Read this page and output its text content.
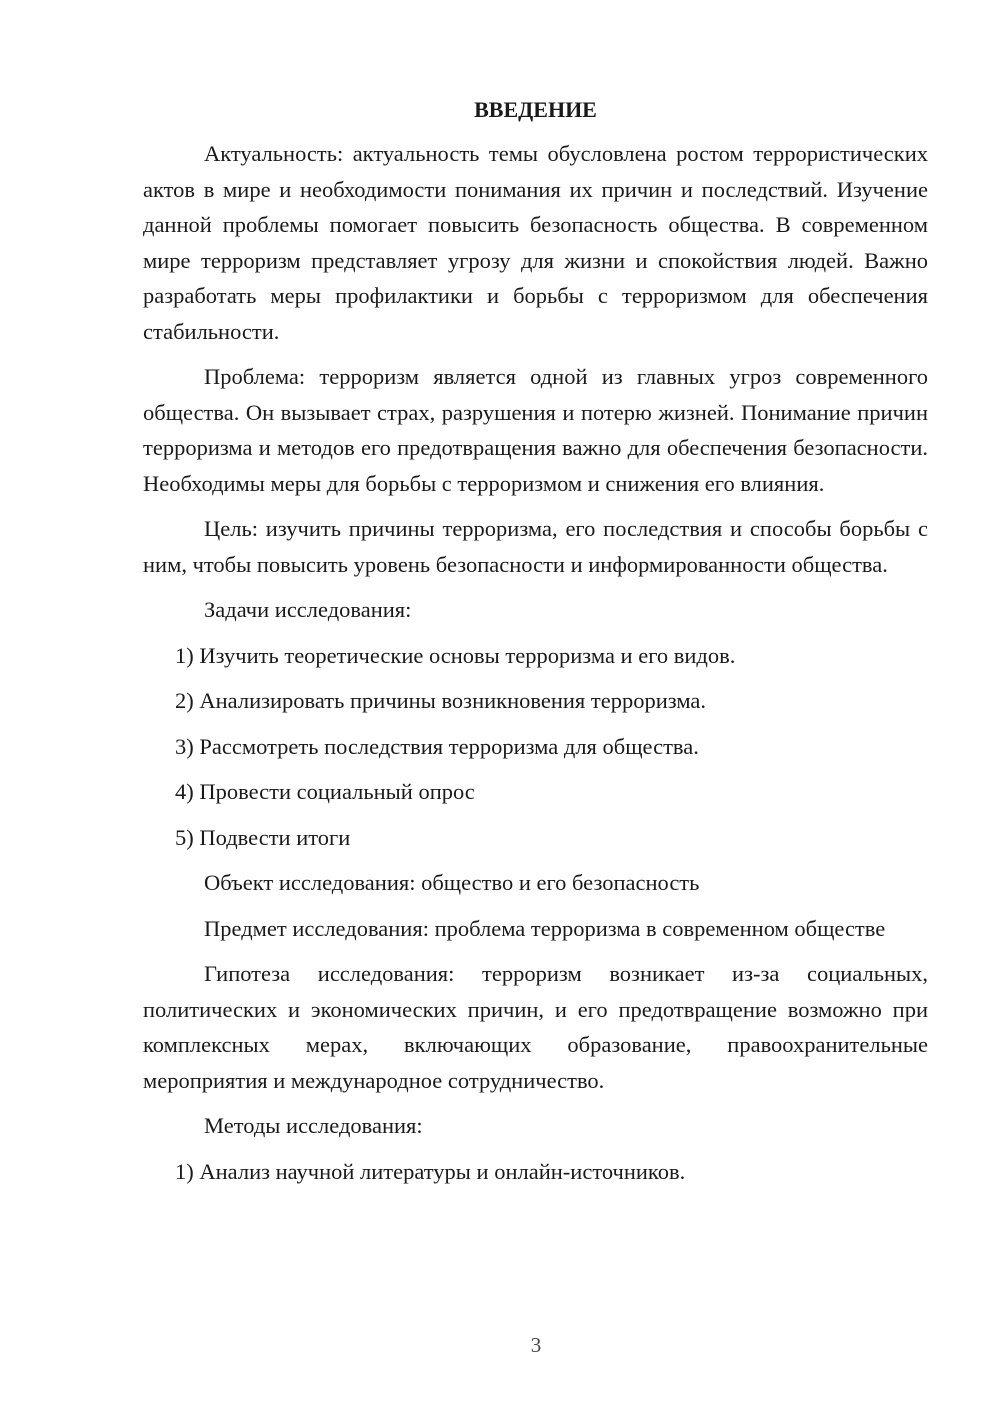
ВВЕДЕНИЕ

Актуальность: актуальность темы обусловлена ростом террористических актов в мире и необходимости понимания их причин и последствий. Изучение данной проблемы помогает повысить безопасность общества. В современном мире терроризм представляет угрозу для жизни и спокойствия людей. Важно разработать меры профилактики и борьбы с терроризмом для обеспечения стабильности.

Проблема: терроризм является одной из главных угроз современного общества. Он вызывает страх, разрушения и потерю жизней. Понимание причин терроризма и методов его предотвращения важно для обеспечения безопасности. Необходимы меры для борьбы с терроризмом и снижения его влияния.

Цель: изучить причины терроризма, его последствия и способы борьбы с ним, чтобы повысить уровень безопасности и информированности общества.

Задачи исследования:

1) Изучить теоретические основы терроризма и его видов.

2) Анализировать причины возникновения терроризма.

3) Рассмотреть последствия терроризма для общества.

4) Провести социальный опрос

5) Подвести итоги

Объект исследования: общество и его безопасность

Предмет исследования: проблема терроризма в современном обществе

Гипотеза исследования: терроризм возникает из-за социальных, политических и экономических причин, и его предотвращение возможно при комплексных мерах, включающих образование, правоохранительные мероприятия и международное сотрудничество.

Методы исследования:

1) Анализ научной литературы и онлайн-источников.

3
